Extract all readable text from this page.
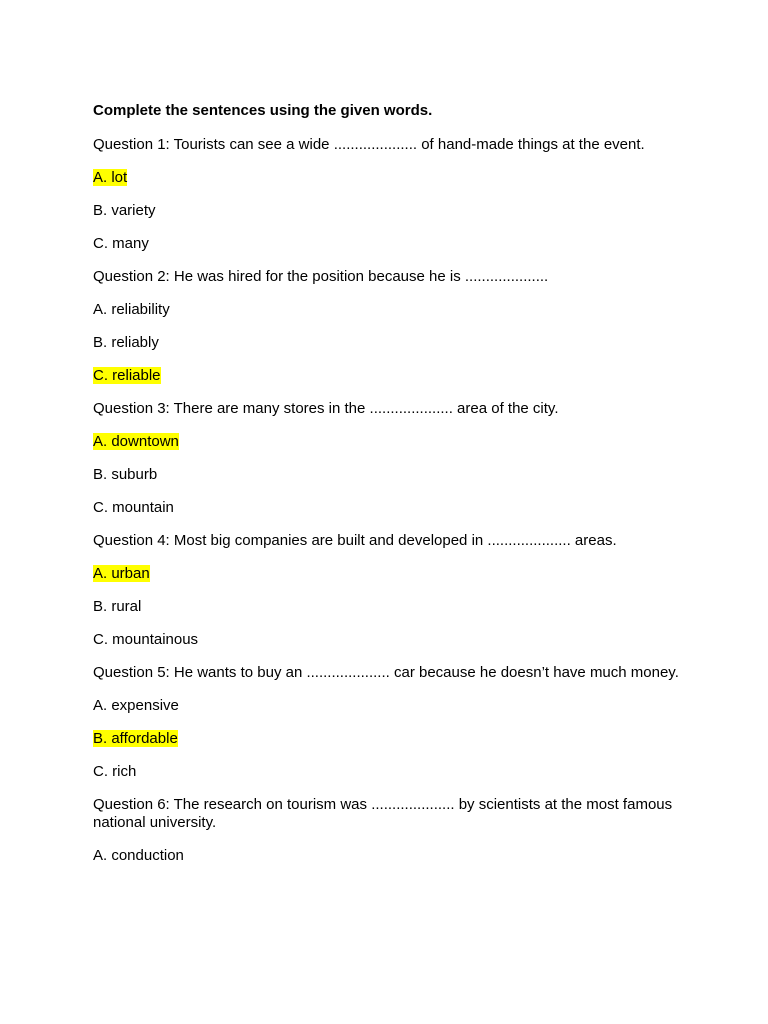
Complete the sentences using the given words.

Question 1: Tourists can see a wide .................... of hand-made things at the event.

A. lot

B. variety

C. many

Question 2: He was hired for the position because he is ....................

A. reliability

B. reliably

C. reliable

Question 3: There are many stores in the .................... area of the city.

A. downtown

B. suburb

C. mountain

Question 4: Most big companies are built and developed in .................... areas.

A. urban

B. rural

C. mountainous

Question 5: He wants to buy an .................... car because he doesn’t have much money.

A. expensive

B. affordable

C. rich

Question 6: The research on tourism was .................... by scientists at the most famous national university.

A. conduction
